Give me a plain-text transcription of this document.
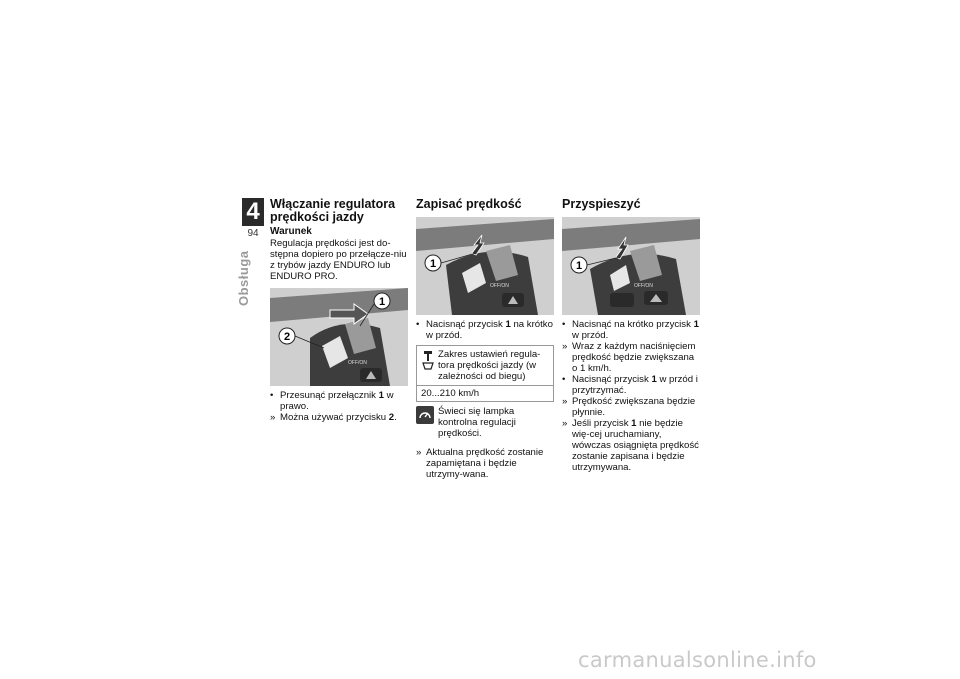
4
94
Obsługa
Włączanie regulatora prędkości jazdy
Warunek

Regulacja prędkości jest do-stępna dopiero po przełącze-niu z trybów jazdy ENDURO lub ENDURO PRO.

1
2
OFF/ON
• Przesunąć przełącznik 1 w prawo.
» Można używać przycisku 2.
Zapisać prędkość
1
OFF/ON
• Nacisnąć przycisk 1 na krótko w przód.
Zakres ustawień regula-tora prędkości jazdy (w zależności od biegu)
20...210 km/h

Świeci się lampka kontrolna regulacji prędkości.

» Aktualna prędkość zostanie zapamiętana i będzie utrzymy-wana.
Przyspieszyć
1
OFF/ON
• Nacisnąć na krótko przycisk 1 w przód.
» Wraz z każdym naciśnięciem prędkość będzie zwiększana o 1 km/h.
• Nacisnąć przycisk 1 w przód i przytrzymać.
» Prędkość zwiększana będzie płynnie.
» Jeśli przycisk 1 nie będzie wię-cej uruchamiany, wówczas osiągnięta prędkość zostanie zapisana i będzie utrzymywana.
carmanualsonline.info
